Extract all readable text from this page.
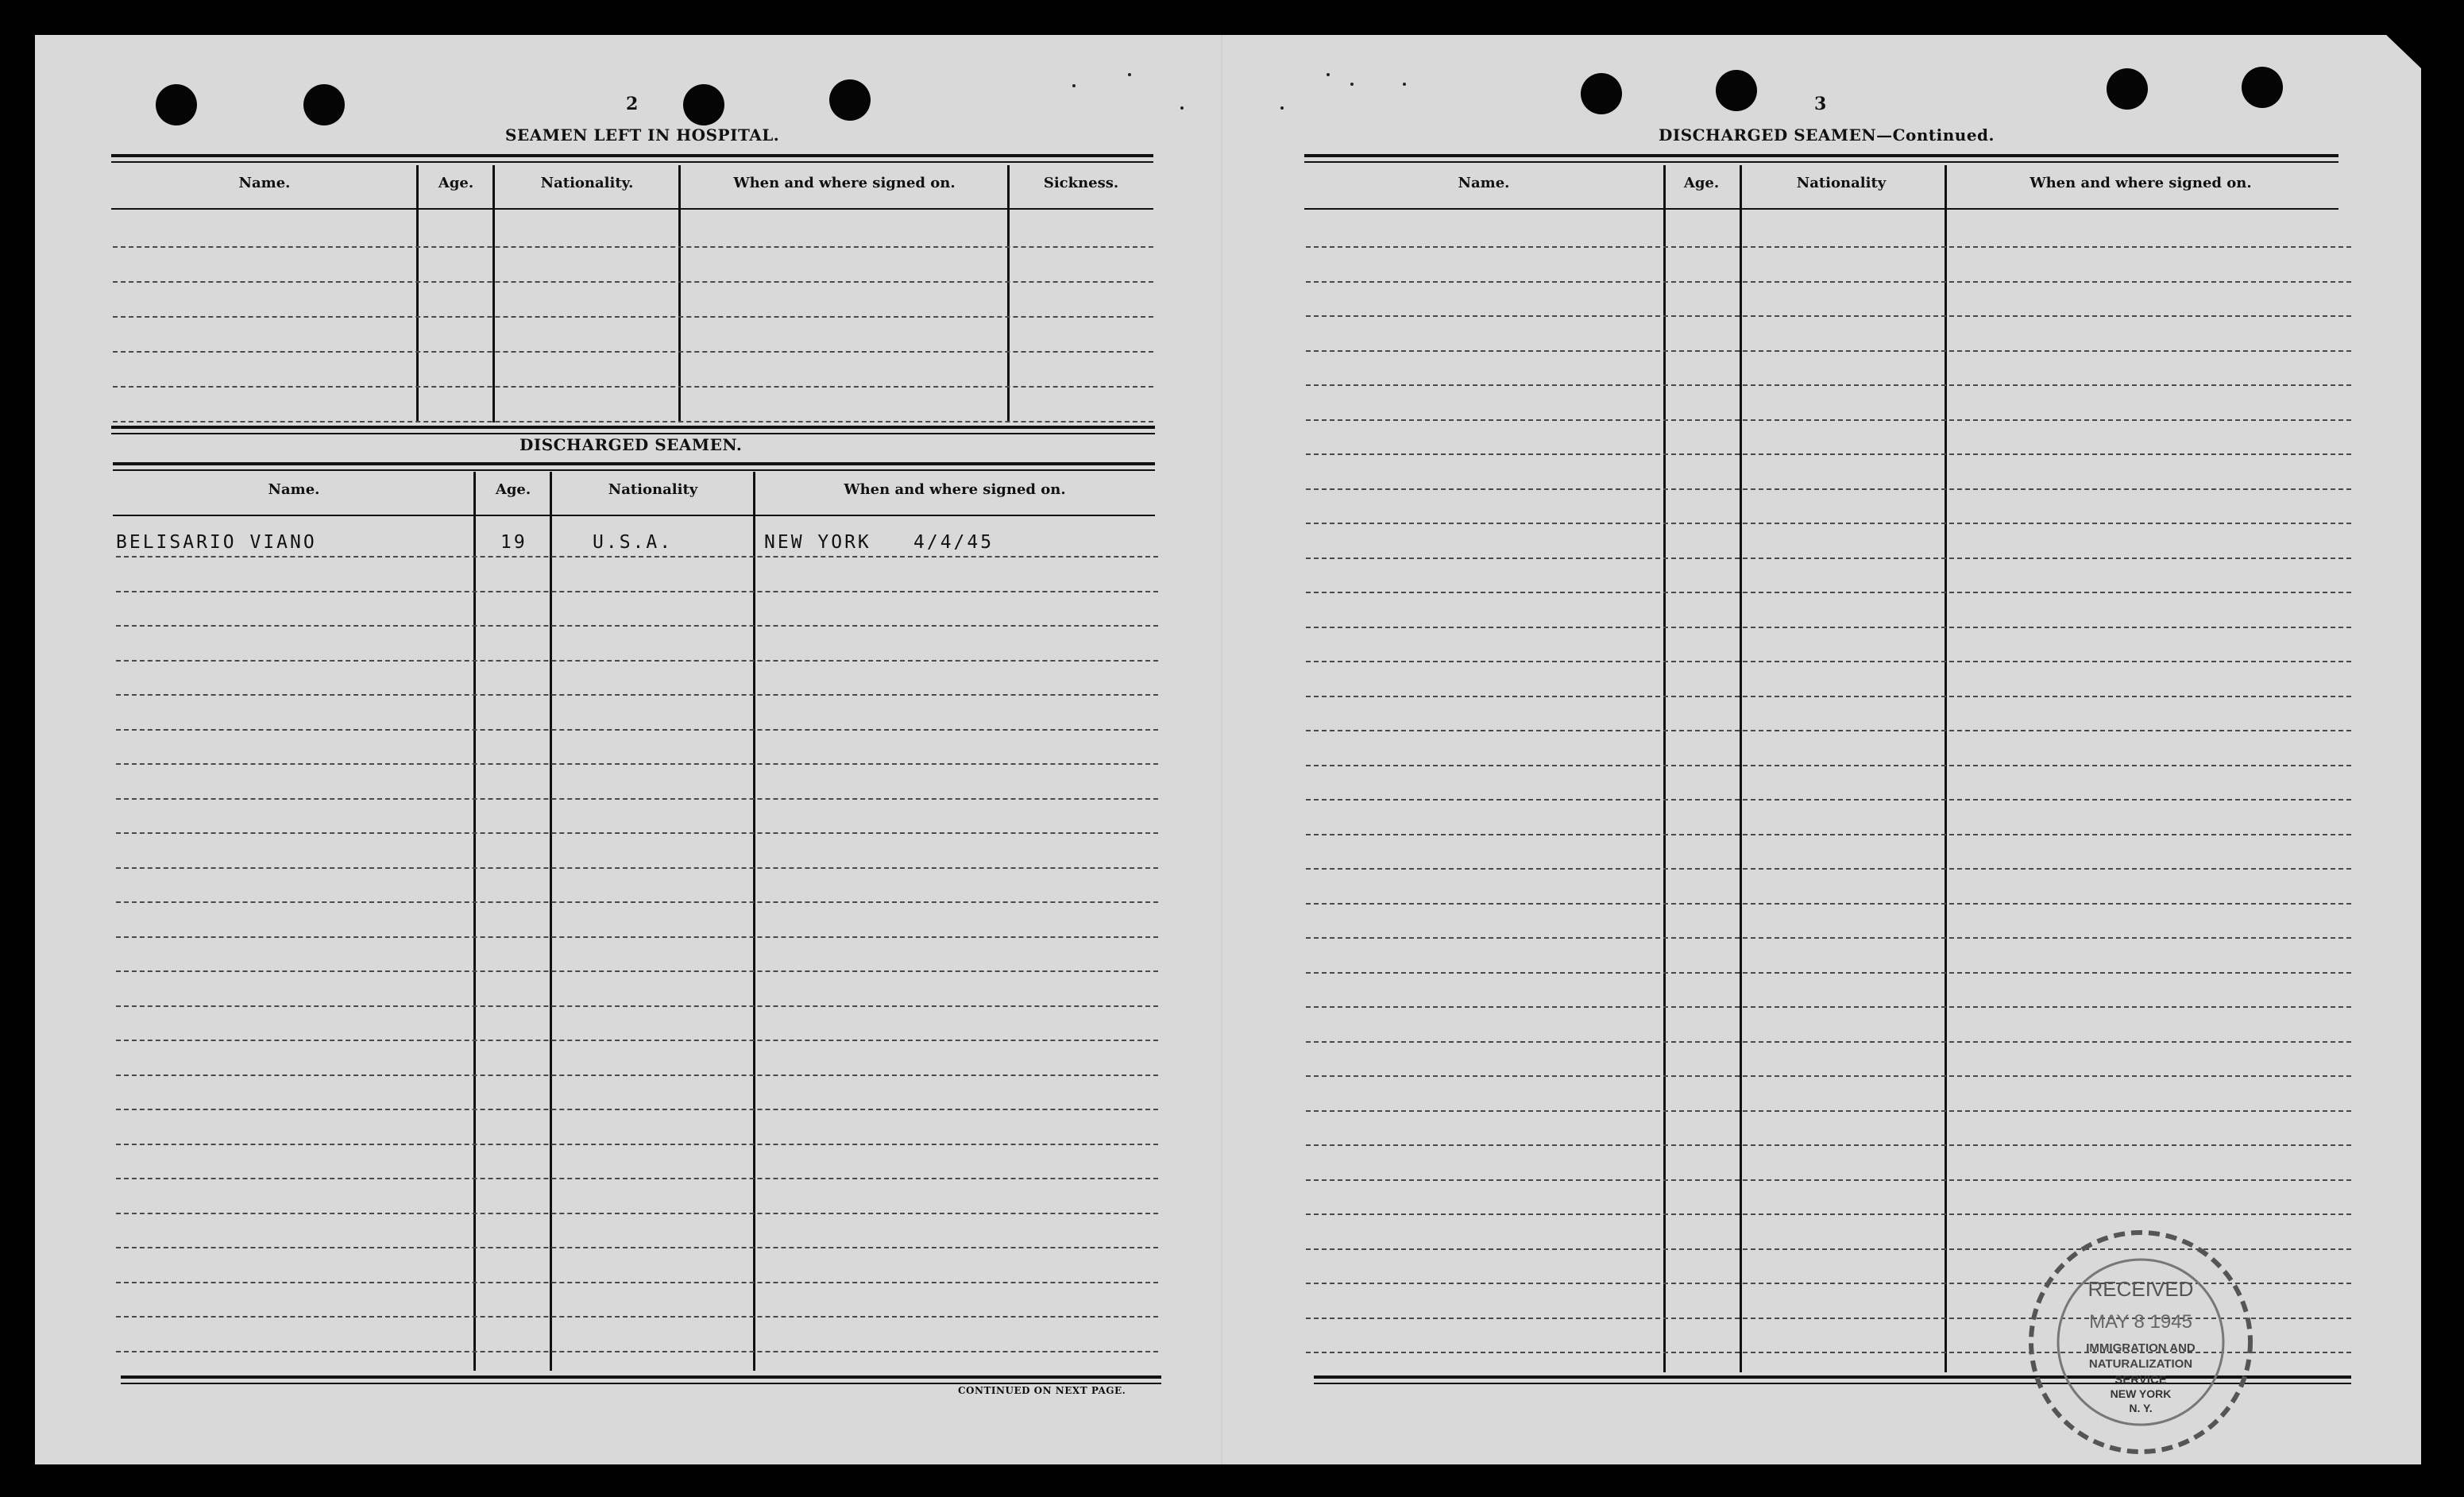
2
SEAMEN LEFT IN HOSPITAL.
Name.	Age.	Nationality.	When and where signed on.	Sickness.
DISCHARGED SEAMEN.
Name.	Age.	Nationality	When and where signed on.
BELISARIO VIANO	19	U.S.A.	NEW YORK 4/4/45
CONTINUED ON NEXT PAGE.
3
DISCHARGED SEAMEN—Continued.
Name.	Age.	Nationality	When and where signed on.
RECEIVED
MAY 8 1945
IMMIGRATION AND
NATURALIZATION
SERVICE
NEW YORK
N. Y.
